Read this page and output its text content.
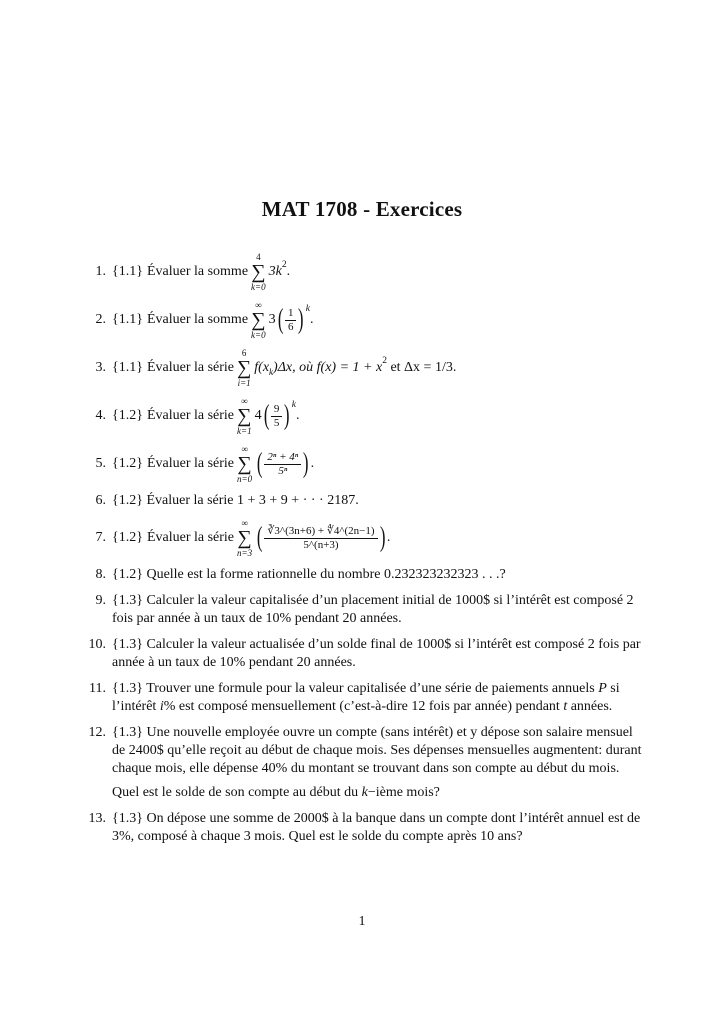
MAT 1708 - Exercices
1. {1.1} Évaluer la somme
4
∑
k=0
3k 2 .
2. {1.1} Évaluer la somme
∞
∑
k=0
3 ( $\frac{1}{6}$ ) k
.
3. {1.1} Évaluer la série
6
∑
i=1
f(x k )Δx, où f(x) = 1 + x 2 et Δx = 1/3.
4. {1.2} Évaluer la série
∞
∑
k=1
4 ( $\frac{9}{5}$ ) k
.
5. {1.2} Évaluer la série
∞
∑
n=0 ( $\frac{\text{2ⁿ + 4ⁿ}}{\text{5ⁿ}}$ ) .
6. {1.2} Évaluer la série 1 + 3 + 9 + · · · 2187.
7. {1.2} Évaluer la série
∞
∑
n=3 ( $\frac{∛3\^{}(3n+6) + ∜4\^{}(2n-1)}{5\^{}(n+3)}$ ) .
8. {1.2} Quelle est la forme rationnelle du nombre 0.232323232323 . . .?
9. {1.3} Calculer la valeur capitalisée d’un placement initial de 1000$ si l’intérêt est composé 2 fois par année à un taux de 10% pendant 20 années.
10. {1.3} Calculer la valeur actualisée d’un solde final de 1000$ si l’intérêt est composé 2 fois par année à un taux de 10% pendant 20 années.
11. {1.3} Trouver une formule pour la valeur capitalisée d’une série de paiements annuels P si l’intérêt i% est composé mensuellement (c’est-à-dire 12 fois par année) pendant t années.
12. {1.3} Une nouvelle employée ouvre un compte (sans intérêt) et y dépose son salaire mensuel de 2400$ qu’elle reçoit au début de chaque mois. Ses dépenses mensuelles augmentent: durant chaque mois, elle dépense 40% du montant se trouvant dans son compte au début du mois.
Quel est le solde de son compte au début du k−ième mois?
13. {1.3} On dépose une somme de 2000$ à la banque dans un compte dont l’intérêt annuel est de 3%, composé à chaque 3 mois. Quel est le solde du compte après 10 ans?
1
